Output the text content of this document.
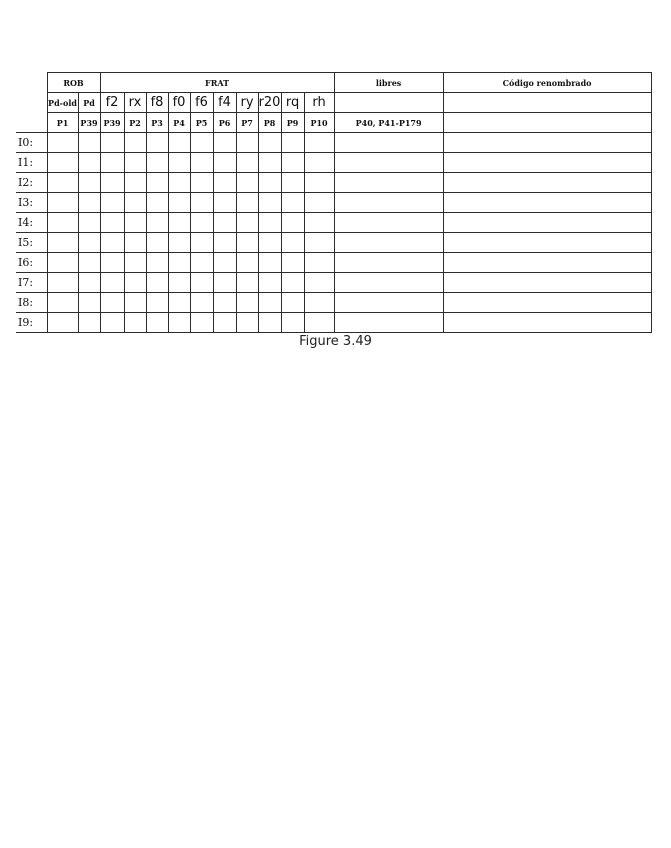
	ROB		FRAT										libres	Código renombrado
	Pd-old	Pd	f2	rx	f8	f0	f6	f4	ry	r20	rq	rh		
	P1	P39	P39	P2	P3	P4	P5	P6	P7	P8	P9	P10	P40, P41-P179	
I0:														
I1:														
I2:														
I3:														
I4:														
I5:														
I6:														
I7:														
I8:														
I9:														
Figure 3.49
